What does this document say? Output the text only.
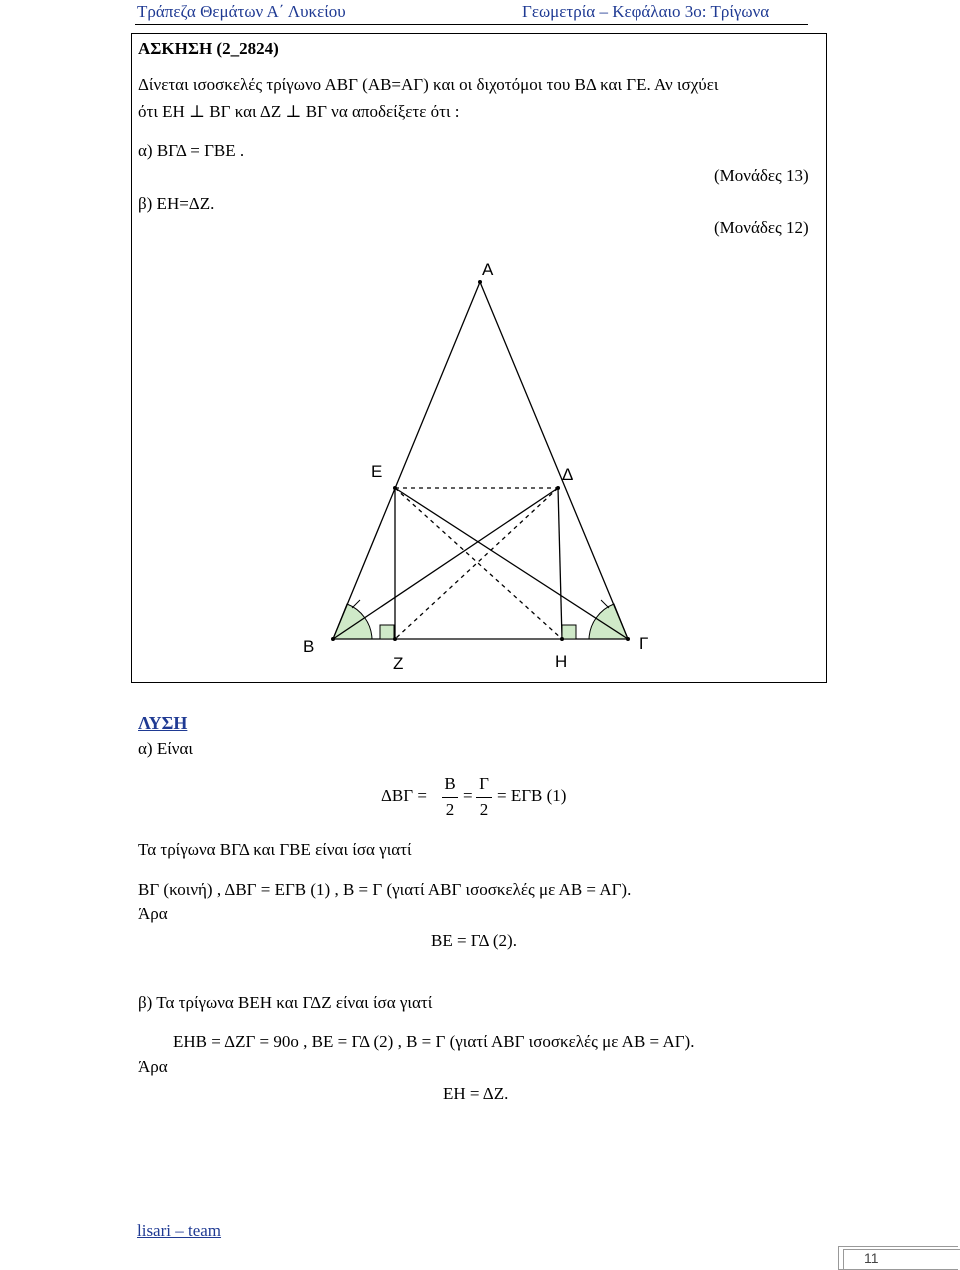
Τράπεζα Θεμάτων Α΄ Λυκείου	Γεωμετρία – Κεφάλαιο 3ο: Τρίγωνα
ΑΣΚΗΣΗ (2_2824)
Δίνεται ισοσκελές τρίγωνο ΑΒΓ (ΑΒ=ΑΓ) και οι διχοτόμοι του ΒΔ και ΓΕ. Αν ισχύει
ότι ΕΗ ⊥ ΒΓ και ΔΖ ⊥ ΒΓ να αποδείξετε ότι :
α) ΒΓΔ = ΓΒΕ .
(Μονάδες 13)
β) ΕΗ=ΔΖ.
(Μονάδες 12)
Α
Ε	Δ
Β	Γ
Ζ	Η
ΛΥΣΗ
α) Είναι
ΔΒΓ =
Β
2
=
Γ
2
= ΕΓΒ (1)
Τα τρίγωνα ΒΓΔ και ΓΒΕ είναι ίσα γιατί
ΒΓ (κοινή) , ΔΒΓ = ΕΓΒ (1) , Β = Γ (γιατί ΑΒΓ ισοσκελές με ΑΒ = ΑΓ).
Άρα
ΒΕ = ΓΔ (2).
β) Τα τρίγωνα ΒΕΗ και ΓΔΖ είναι ίσα γιατί
ΕΗΒ = ΔΖΓ = 90ο , ΒΕ = ΓΔ (2) , Β = Γ (γιατί ΑΒΓ ισοσκελές με ΑΒ = ΑΓ).
Άρα
ΕΗ = ΔΖ.
lisari – team
11
